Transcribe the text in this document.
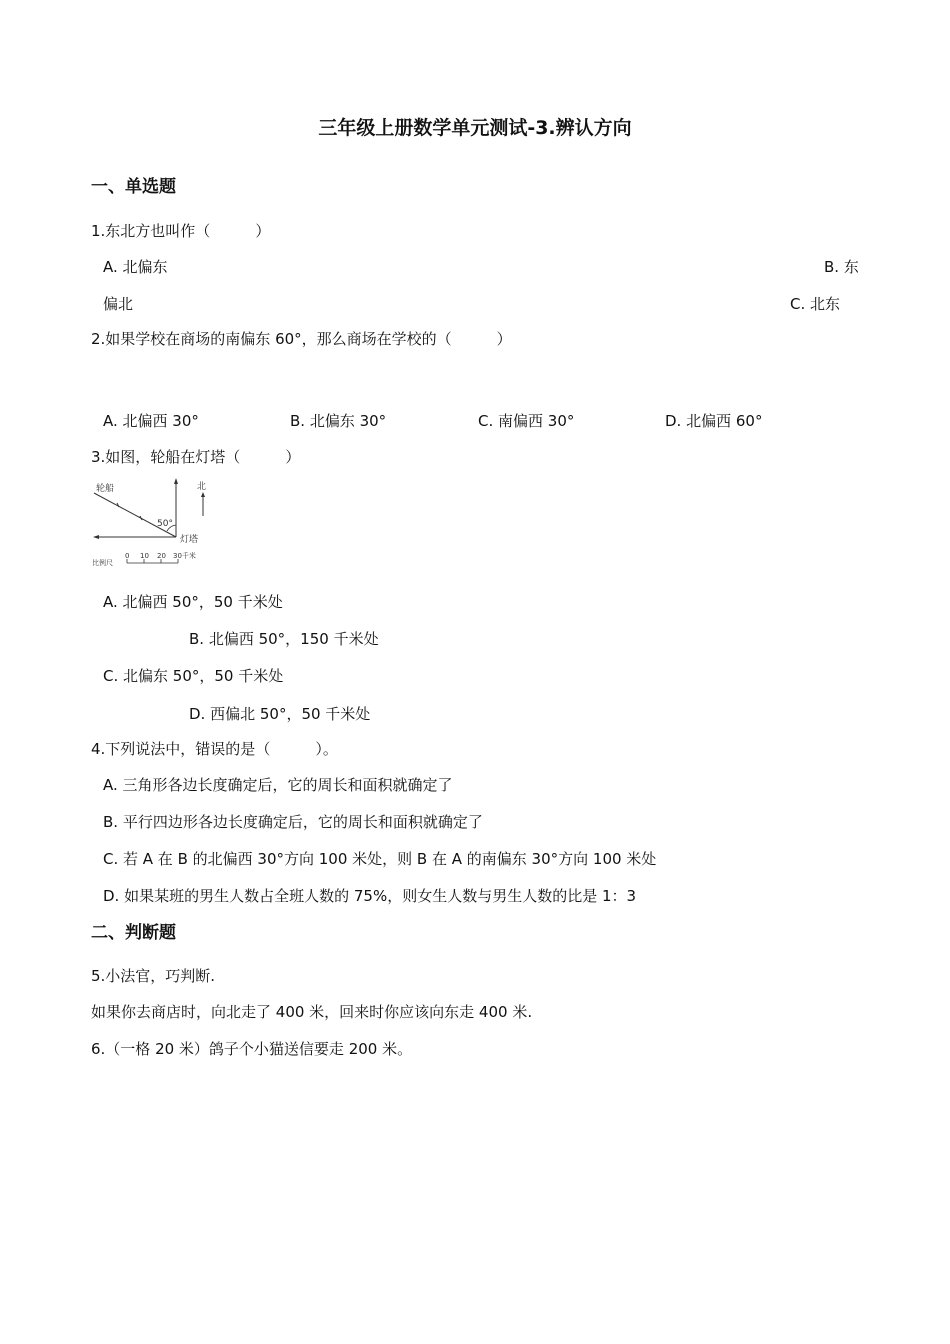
三年级上册数学单元测试-3.辨认方向
一、单选题
1.东北方也叫作（　　　）
A. 北偏东	B. 东
偏北	C. 北东
2.如果学校在商场的南偏东 60°，那么商场在学校的（　　　）
A. 北偏西 30°	B. 北偏东 30°	C. 南偏西 30°	D. 北偏西 60°
3.如图，轮船在灯塔（　　　）
轮船	北
50°
灯塔
比例尺
0 10 20 30千米
A. 北偏西 50°，50 千米处
B. 北偏西 50°，150 千米处
C. 北偏东 50°，50 千米处
D. 西偏北 50°，50 千米处
4.下列说法中，错误的是（　　　）。
A. 三角形各边长度确定后，它的周长和面积就确定了
B. 平行四边形各边长度确定后，它的周长和面积就确定了
C. 若 A 在 B 的北偏西 30°方向 100 米处，则 B 在 A 的南偏东 30°方向 100 米处
D. 如果某班的男生人数占全班人数的 75%，则女生人数与男生人数的比是 1：3
二、判断题
5.小法官，巧判断.
如果你去商店时，向北走了 400 米，回来时你应该向东走 400 米.
6.（一格 20 米）鸽子个小猫送信要走 200 米。
